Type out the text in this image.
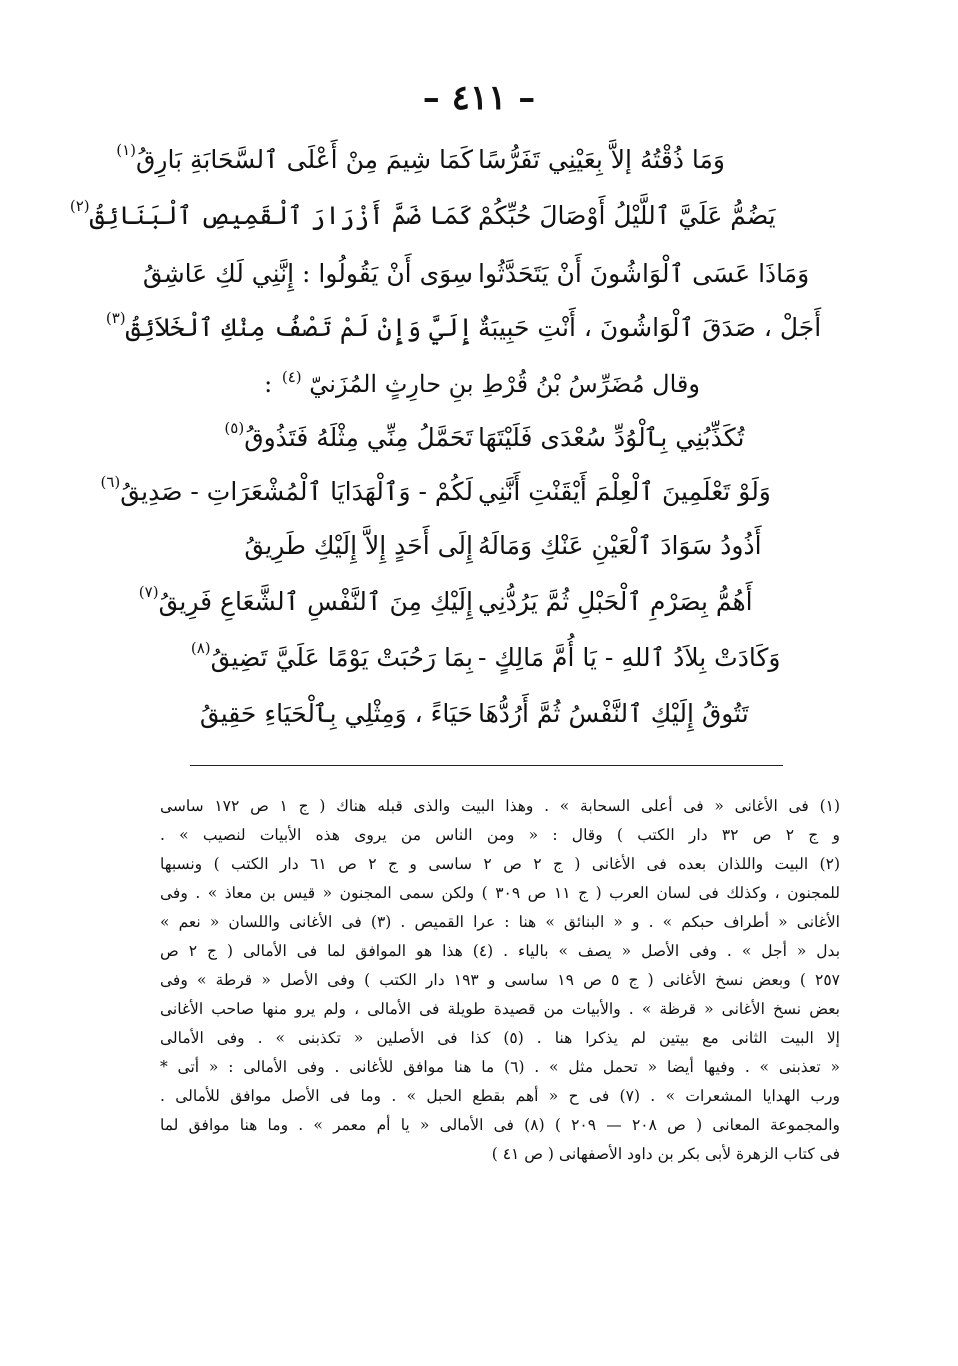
– ٤١١ –
وَمَا ذُقْتُهُ إلاَّ بِعَيْنِي تَفَرُّسًا
كَمَا شِيمَ مِنْ أَعْلَى ٱلسَّحَابَةِ بَارِقُ
(١)
يَضُمُّ عَلَيَّ ٱللَّيْلُ أَوْصَالَ حُبِّكُمْ
كَمَا ضَمَّ أَزْرَارَ ٱلْقَمِيصِ ٱلْبَنَائِقُ
(٢)
وَمَاذَا عَسَى ٱلْوَاشُونَ أَنْ يَتَحَدَّثُوا
سِوَى أَنْ يَقُولُوا : إِنَّنِي لَكِ عَاشِقُ
أَجَلْ ، صَدَقَ ٱلْوَاشُونَ ، أَنْتِ حَبِيبَةٌ
إِلَيَّ وَإِنْ لَمْ تَصْفُ مِنْكِ ٱلْخَلاَئِقُ
(٣)
وقال مُضَرِّسُ بْنُ قُرْطِ بنِ حارِثٍ المُزَنيّ $^{(٤)}$ :
تُكَذِّبُنِي بِٱلْوُدِّ سُعْدَى فَلَيْتَهَا
تَحَمَّلُ مِنِّي مِثْلَهُ فَتَذُوقُ
(٥)
وَلَوْ تَعْلَمِينَ ٱلْعِلْمَ أَيْقَنْتِ أَنَّنِي
لَكُمْ - وَٱلْهَدَايَا ٱلْمُشْعَرَاتِ - صَدِيقُ
(٦)
أَذُودُ سَوَادَ ٱلْعَيْنِ عَنْكِ وَمَالَهُ
إِلَى أَحَدٍ إِلاَّ إِلَيْكِ طَرِيقُ
أَهُمُّ بِصَرْمِ ٱلْحَبْلِ ثُمَّ يَرُدُّنِي
إِلَيْكِ مِنَ ٱلنَّفْسِ ٱلشَّعَاعِ فَرِيقُ
(٧)
وَكَادَتْ بِلاَدُ ٱللهِ - يَا أُمَّ مَالِكٍ -
بِمَا رَحُبَتْ يَوْمًا عَلَيَّ تَضِيقُ
(٨)
تَتُوقُ إِلَيْكِ ٱلنَّفْسُ ثُمَّ أَرُدُّهَا
حَيَاءً ، وَمِثْلِي بِٱلْحَيَاءِ حَقِيقُ
(١) فى الأغانى « فى أعلى السحابة » . وهذا البيت والذى قبله هناك ( ج ١ ص ١٧٢ ساسى
و ج ٢ ص ٣٢ دار الكتب ) وقال : « ومن الناس من يروى هذه الأبيات لنصيب » .
(٢) البيت واللذان بعده فى الأغانى ( ج ٢ ص ٢ ساسى و ج ٢ ص ٦١ دار الكتب ) ونسبها
للمجنون ، وكذلك فى لسان العرب ( ج ١١ ص ٣٠٩ ) ولكن سمى المجنون « قيس بن معاذ » . وفى
الأغانى « أطراف حبكم » . و « البنائق » هنا : عرا القميص . (٣) فى الأغانى واللسان « نعم »
بدل « أجل » . وفى الأصل « يصف » بالياء . (٤) هذا هو الموافق لما فى الأمالى ( ج ٢ ص
٢٥٧ ) وبعض نسخ الأغانى ( ج ٥ ص ١٩ ساسى و ١٩٣ دار الكتب ) وفى الأصل « قرطة » وفى
بعض نسخ الأغانى « قرظة » . والأبيات من قصيدة طويلة فى الأمالى ، ولم يرو منها صاحب الأغانى
إلا البيت الثانى مع بيتين لم يذكرا هنا . (٥) كذا فى الأصلين « تكذبنى » . وفى الأمالى
« تعذبنى » . وفيها أيضا « تحمل مثل » . (٦) ما هنا موافق للأغانى . وفى الأمالى : « أتى *
ورب الهدايا المشعرات » . (٧) فى ح « أهم بقطع الحبل » . وما فى الأصل موافق للأمالى .
والمجموعة المعانى ( ص ٢٠٨ — ٢٠٩ ) (٨) فى الأمالى « يا أم معمر » . وما هنا موافق لما
فى كتاب الزهرة لأبى بكر بن داود الأصفهانى ( ص ٤١ )
